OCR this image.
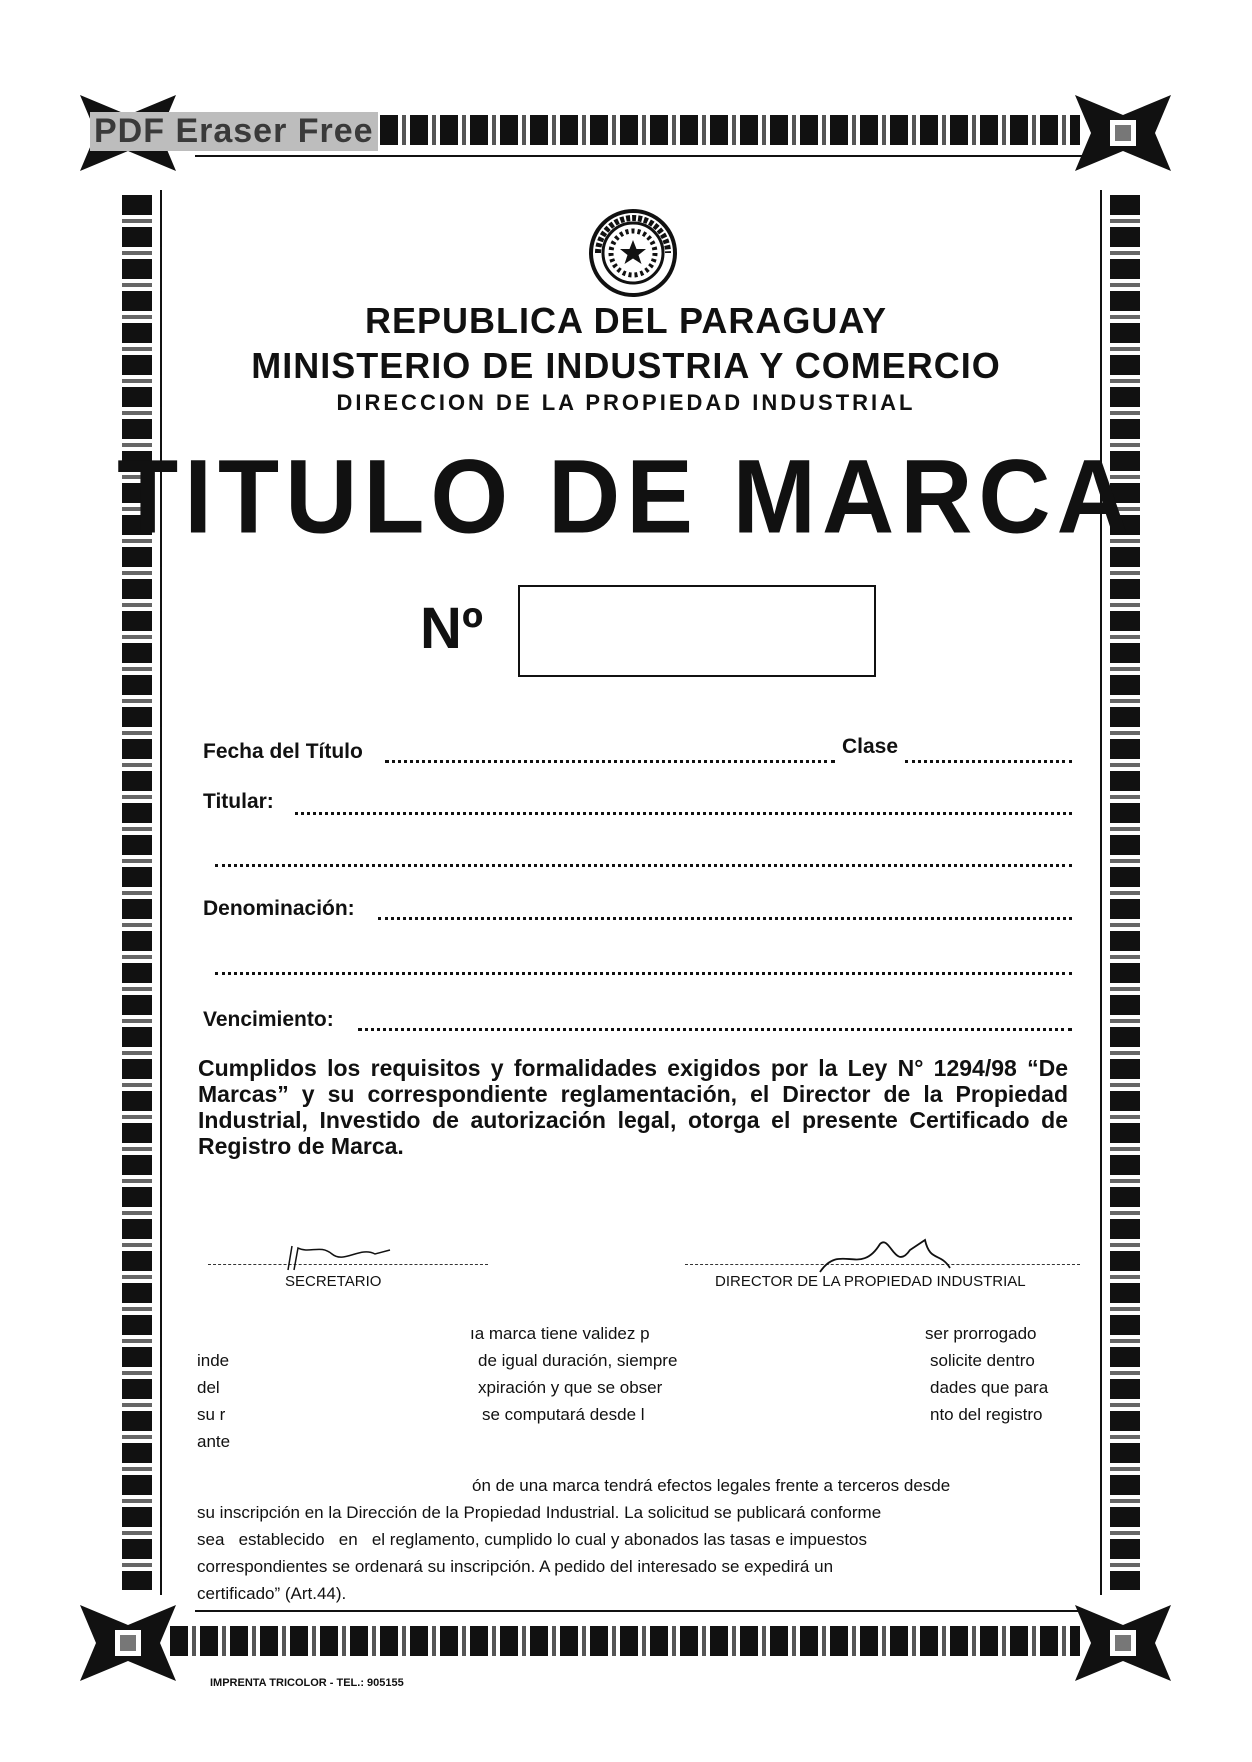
PDF Eraser Free
REPUBLICA DEL PARAGUAY
MINISTERIO DE INDUSTRIA Y COMERCIO
DIRECCION DE LA PROPIEDAD INDUSTRIAL
TITULO DE MARCA
Nº
Fecha del Título	Clase
Titular:
Denominación:
Vencimiento:
Cumplidos los requisitos y formalidades exigidos por la Ley N° 1294/98 “De Marcas” y su correspondiente reglamentación, el Director de la Propiedad Industrial, Investido de autorización legal, otorga el presente Certificado de Registro de Marca.
SECRETARIO	DIRECTOR DE LA PROPIEDAD INDUSTRIAL
ıa marca tiene validez p	ser prorrogado
inde	de igual duración, siempre	solicite dentro
del	xpiración y que se obser	dades que para
su r	se computará desde l	nto del registro
ante
ón de una marca tendrá efectos legales frente a terceros desde
su inscripción en la Dirección de la Propiedad Industrial. La solicitud se publicará conforme
sea   establecido   en   el reglamento, cumplido lo cual y abonados las tasas e impuestos
correspondientes se ordenará su inscripción. A pedido del interesado se expedirá un
certificado” (Art.44).
IMPRENTA TRICOLOR - TEL.: 905155
